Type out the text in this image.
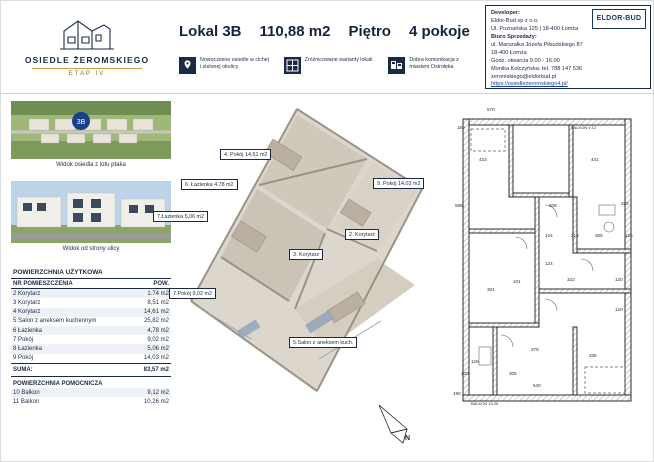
OSIEDLE ŻEROMSKIEGO
ETAP IV
Lokal 3B 110,88 m2 Piętro 4 pokoje
Nowoczesne osiedle w cichej i zielonej okolicy
Zróżnicowane warianty lokali	Dobra komunikacja z miastem Ostrołęka
ELDOR-BUD
Developer:
Eldor-Bud sp z o.o.
Ul. Poznańska 125 | 18-400 Łomża
Biuro Sprzedaży:
ul. Marszałka Józefa Piłsudskiego 87
18-400 Łomża
Godz. otwarcia 9.00 - 16.00
Monika Kolczyńska: tel. 788 147 536
zeromskiego@eldorbud.pl
https://osiedlezeromskiego4.pl/
3B
Widok osiedla z lotu ptaka
Widok od strony ulicy
POWIERZCHNIA UŻYTKOWA
NR POMIESZCZENIA	POW.
2 Korytarz	1.74 m2
3 Korytarz	8,51 m2
4 Korytarz	14,61 m2
5 Salon z aneksem kuchennym	25,82 m2
6 Łazienka	4,78 m2
7 Pokój	9,02 m2
8 Łazienka	5,06 m2
9 Pokój	14,03 m2
SUMA:	83,57 m2
POWIERZCHNIA POMOCNICZA	
10 Balkon	9,12 m2
11 Balkon	10,26 m2
4. Pokój 14,61 m2
6. Łazienka 4.78 m2	9. Pokój 14,03 m2
7.Łazienka 5,06 m2
2. Korytarz
3. Korytarz
7.Pokój 9.02 m2
5.Salon z aneksem kuch.
570
160
423	441
596	606	325
313
124	305	126
124
101	322	120
304
120
378
336
305
540
190
126
200
BALKON 9.12
BALKON 10.26
N
